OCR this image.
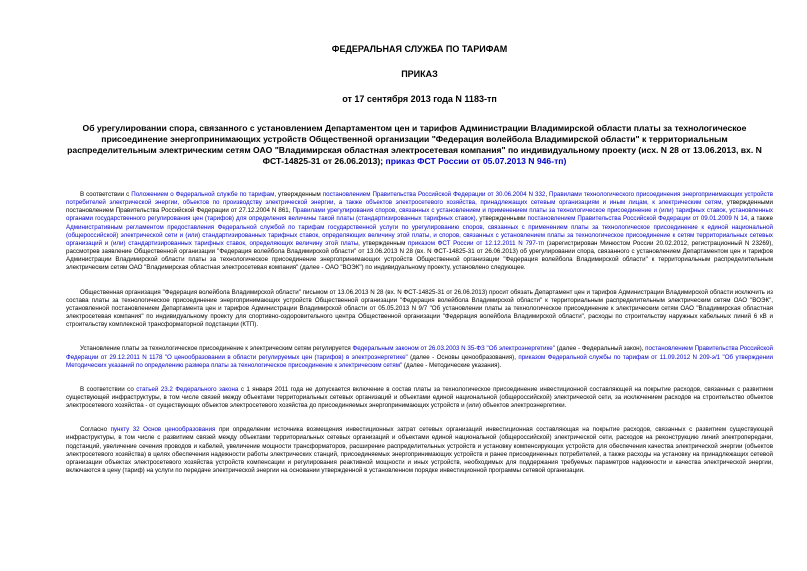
ФЕДЕРАЛЬНАЯ СЛУЖБА ПО ТАРИФАМ
ПРИКАЗ
от 17 сентября 2013 года N 1183-тп
Об урегулировании спора, связанного с установлением Департаментом цен и тарифов Администрации Владимирской области платы за технологическое присоединение энергопринимающих устройств Общественной организации "Федерация волейбола Владимирской области" к территориальным распределительным электрическим сетям ОАО "Владимирская областная электросетевая компания" по индивидуальному проекту (исх. N 28 от 13.06.2013, вх. N ФСТ-14825-31 от 26.06.2013); приказ ФСТ России от 05.07.2013 N 946-тп)
В соответствии с Положением о Федеральной службе по тарифам, утвержденным постановлением Правительства Российской Федерации от 30.06.2004 N 332, Правилами технологического присоединения энергопринимающих устройств потребителей электрической энергии, объектов по производству электрической энергии, а также объектов электросетевого хозяйства, принадлежащих сетевым организациям и иным лицам, к электрическим сетям, утвержденными постановлением Правительства Российской Федерации от 27.12.2004 N 861, Правилами урегулирования споров, связанных с установлением и применением платы за технологическое присоединение и (или) тарифных ставок, установленных органами государственного регулирования цен (тарифов) для определения величины такой платы (стандартизированных тарифных ставок), утвержденными постановлением Правительства Российской Федерации от 09.01.2009 N 14, а также Административным регламентом предоставления Федеральной службой по тарифам государственной услуги по урегулированию споров, связанных с применением платы за технологическое присоединение к единой национальной (общероссийской) электрической сети и (или) стандартизированных тарифных ставок, определяющих величину этой платы, и споров, связанных с установлением платы за технологическое присоединение к сетям территориальных сетевых организаций и (или) стандартизированных тарифных ставок, определяющих величину этой платы, утвержденным приказом ФСТ России от 12.12.2011 N 797-тп (зарегистрирован Минюстом России 20.02.2012, регистрационный N 23269), рассмотрев заявление Общественной организации "Федерация волейбола Владимирской области" от 13.06.2013 N 28 (вх. N ФСТ-14825-31 от 26.06.2013) об урегулировании спора, связанного с установлением Департаментом цен и тарифов Администрации Владимирской области платы за технологическое присоединение энергопринимающих устройств Общественной организации "Федерация волейбола Владимирской области" к территориальным распределительным электрическим сетям ОАО "Владимирская областная электросетевая компания" (далее - ОАО "ВОЭК") по индивидуальному проекту, установлено следующее.
Общественная организация "Федерация волейбола Владимирской области" письмом от 13.06.2013 N 28 (вх. N ФСТ-14825-31 от 26.06.2013) просит обязать Департамент цен и тарифов Администрации Владимирской области исключить из состава платы за технологическое присоединение энергопринимающих устройств Общественной организации "Федерация волейбола Владимирской области" к территориальным распределительным электрическим сетям ОАО "ВОЭК", установленной постановлением Департамента цен и тарифов Администрации Владимирской области от 05.05.2013 N 9/7 "Об установлении платы за технологическое присоединение к электрическим сетям ОАО "Владимирская областная электросетевая компания" по индивидуальному проекту для спортивно-оздоровительного центра Общественной организации "Федерация волейбола Владимирской области", расходы по строительству наружных кабельных линий 6 кВ и строительству комплексной трансформаторной подстанции (КТП).
Установление платы за технологическое присоединение к электрическим сетям регулируется Федеральным законом от 26.03.2003 N 35-ФЗ "Об электроэнергетике" (далее - Федеральный закон), постановлением Правительства Российской Федерации от 29.12.2011 N 1178 "О ценообразовании в области регулируемых цен (тарифов) в электроэнергетике" (далее - Основы ценообразования), приказом Федеральной службы по тарифам от 11.09.2012 N 209-э/1 "Об утверждении Методических указаний по определению размера платы за технологическое присоединение к электрическим сетям" (далее - Методические указания).
В соответствии со статьей 23.2 Федерального закона с 1 января 2011 года не допускается включение в состав платы за технологическое присоединение инвестиционной составляющей на покрытие расходов, связанных с развитием существующей инфраструктуры, в том числе связей между объектами территориальных сетевых организаций и объектами единой национальной (общероссийской) электрической сети, за исключением расходов на строительство объектов электросетевого хозяйства - от существующих объектов электросетевого хозяйства до присоединяемых энергопринимающих устройств и (или) объектов электроэнергетики.
Согласно пункту 32 Основ ценообразования при определении источника возмещения инвестиционных затрат сетевых организаций инвестиционная составляющая на покрытие расходов, связанных с развитием существующей инфраструктуры, в том числе с развитием связей между объектами территориальных сетевых организаций и объектами единой национальной (общероссийской) электрической сети, расходов на реконструкцию линий электропередачи, подстанций, увеличение сечения проводов и кабелей, увеличение мощности трансформаторов, расширение распределительных устройств и установку компенсирующих устройств для обеспечения качества электрической энергии (объектов электросетевого хозяйства) в целях обеспечения надежности работы электрических станций, присоединяемых энергопринимающих устройств и ранее присоединенных потребителей, а также расходы на установку на принадлежащих сетевой организации объектах электросетевого хозяйства устройств компенсации и регулирования реактивной мощности и иных устройств, необходимых для поддержания требуемых параметров надежности и качества электрической энергии, включаются в цену (тариф) на услуги по передаче электрической энергии на основании утвержденной в установленном порядке инвестиционной программы сетевой организации.
